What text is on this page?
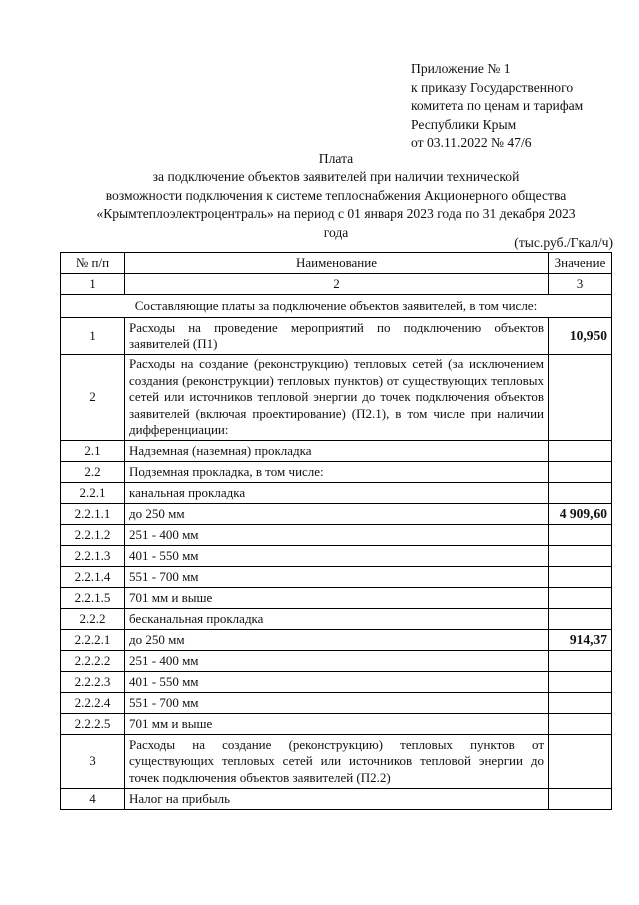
Приложение № 1
к приказу Государственного
комитета по ценам и тарифам
Республики Крым
от 03.11.2022 № 47/6
Плата
за подключение объектов заявителей при наличии технической
возможности подключения к системе теплоснабжения Акционерного общества
«Крымтеплоэлектроцентраль» на период с 01 января 2023 года по 31 декабря 2023
года
(тыс.руб./Гкал/ч)
№ п/п	Наименование	Значение
1	2	3
Составляющие платы за подключение объектов заявителей, в том числе:		
1	Расходы на проведение мероприятий по подключению объектов заявителей (П1)	10,950
2	Расходы на создание (реконструкцию) тепловых сетей (за исключением создания (реконструкции) тепловых пунктов) от существующих тепловых сетей или источников тепловой энергии до точек подключения объектов заявителей (включая проектирование) (П2.1), в том числе при наличии дифференциации:	
2.1	Надземная (наземная) прокладка	
2.2	Подземная прокладка, в том числе:	
2.2.1	канальная прокладка	
2.2.1.1	до 250 мм	4 909,60
2.2.1.2	251 - 400 мм	
2.2.1.3	401 - 550 мм	
2.2.1.4	551 - 700 мм	
2.2.1.5	701 мм и выше	
2.2.2	бесканальная прокладка	
2.2.2.1	до 250 мм	914,37
2.2.2.2	251 - 400 мм	
2.2.2.3	401 - 550 мм	
2.2.2.4	551 - 700 мм	
2.2.2.5	701 мм и выше	
3	Расходы на создание (реконструкцию) тепловых пунктов от существующих тепловых сетей или источников тепловой энергии до точек подключения объектов заявителей (П2.2)	
4	Налог на прибыль	
